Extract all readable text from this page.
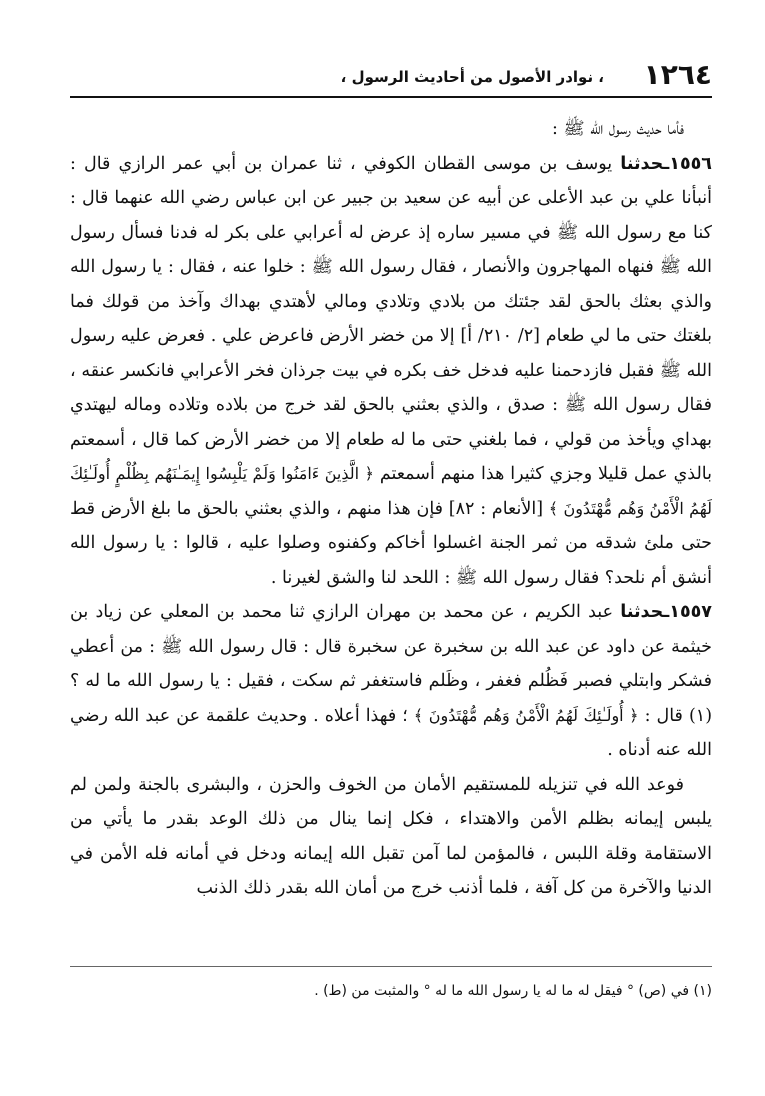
١٢٦٤
، نوادر الأصول من أحاديث الرسول ،

فأما حديث رسول الله ﷺ :

١٥٥٦ـحدثنا يوسف بن موسى القطان الكوفي ، ثنا عمران بن أبي عمر الرازي قال : أنبأنا علي بن عبد الأعلى عن أبيه عن سعيد بن جبير عن ابن عباس رضي الله عنهما قال : كنا مع رسول الله ﷺ في مسير ساره إذ عرض له أعرابي على بكر له فدنا فسأل رسول الله ﷺ فنهاه المهاجرون والأنصار ، فقال رسول الله ﷺ : خلوا عنه ، فقال : يا رسول الله والذي بعثك بالحق لقد جئتك من بلادي وتلادي ومالي لأهتدي بهداك وآخذ من قولك فما بلغتك حتى ما لي طعام [٢/ ٢١٠/ أ] إلا من خضر الأرض فاعرض علي . فعرض عليه رسول الله ﷺ فقبل فازدحمنا عليه فدخل خف بكره في بيت جرذان فخر الأعرابي فانكسر عنقه ، فقال رسول الله ﷺ : صدق ، والذي بعثني بالحق لقد خرج من بلاده وتلاده وماله ليهتدي بهداي ويأخذ من قولي ، فما بلغني حتى ما له طعام إلا من خضر الأرض كما قال ، أسمعتم بالذي عمل قليلا وجزي كثيرا هذا منهم أسمعتم ﴿ الَّذِينَ ءَامَنُوا وَلَمْ يَلْبِسُوا إِيمَـٰنَهُم بِظُلْمٍ أُولَـٰئِكَ لَهُمُ الْأَمْنُ وَهُم مُّهْتَدُونَ ﴾ [الأنعام : ٨٢] فإن هذا منهم ، والذي بعثني بالحق ما بلغ الأرض قط حتى ملئ شدقه من ثمر الجنة اغسلوا أخاكم وكفنوه وصلوا عليه ، قالوا : يا رسول الله أنشق أم نلحد؟ فقال رسول الله ﷺ : اللحد لنا والشق لغيرنا .

١٥٥٧ـحدثنا عبد الكريم ، عن محمد بن مهران الرازي ثنا محمد بن المعلي عن زياد بن خيثمة عن داود عن عبد الله بن سخبرة عن سخبرة قال : قال رسول الله ﷺ : من أعطي فشكر وابتلي فصبر فَظُلم فغفر ، وظَلم فاستغفر ثم سكت ، فقيل : يا رسول الله ما له ؟(١) قال : ﴿ أُولَـٰئِكَ لَهُمُ الْأَمْنُ وَهُم مُّهْتَدُونَ ﴾ ؛ فهذا أعلاه . وحديث علقمة عن عبد الله رضي الله عنه أدناه .

فوعد الله في تنزيله للمستقيم الأمان من الخوف والحزن ، والبشرى بالجنة ولمن لم يلبس إيمانه بظلم الأمن والاهتداء ، فكل إنما ينال من ذلك الوعد بقدر ما يأتي من الاستقامة وقلة اللبس ، فالمؤمن لما آمن تقبل الله إيمانه ودخل في أمانه فله الأمن في الدنيا والآخرة من كل آفة ، فلما أذنب خرج من أمان الله بقدر ذلك الذنب

(١) في (ص) ° فيقل له ما له يا رسول الله ما له ° والمثبت من (ط) .
